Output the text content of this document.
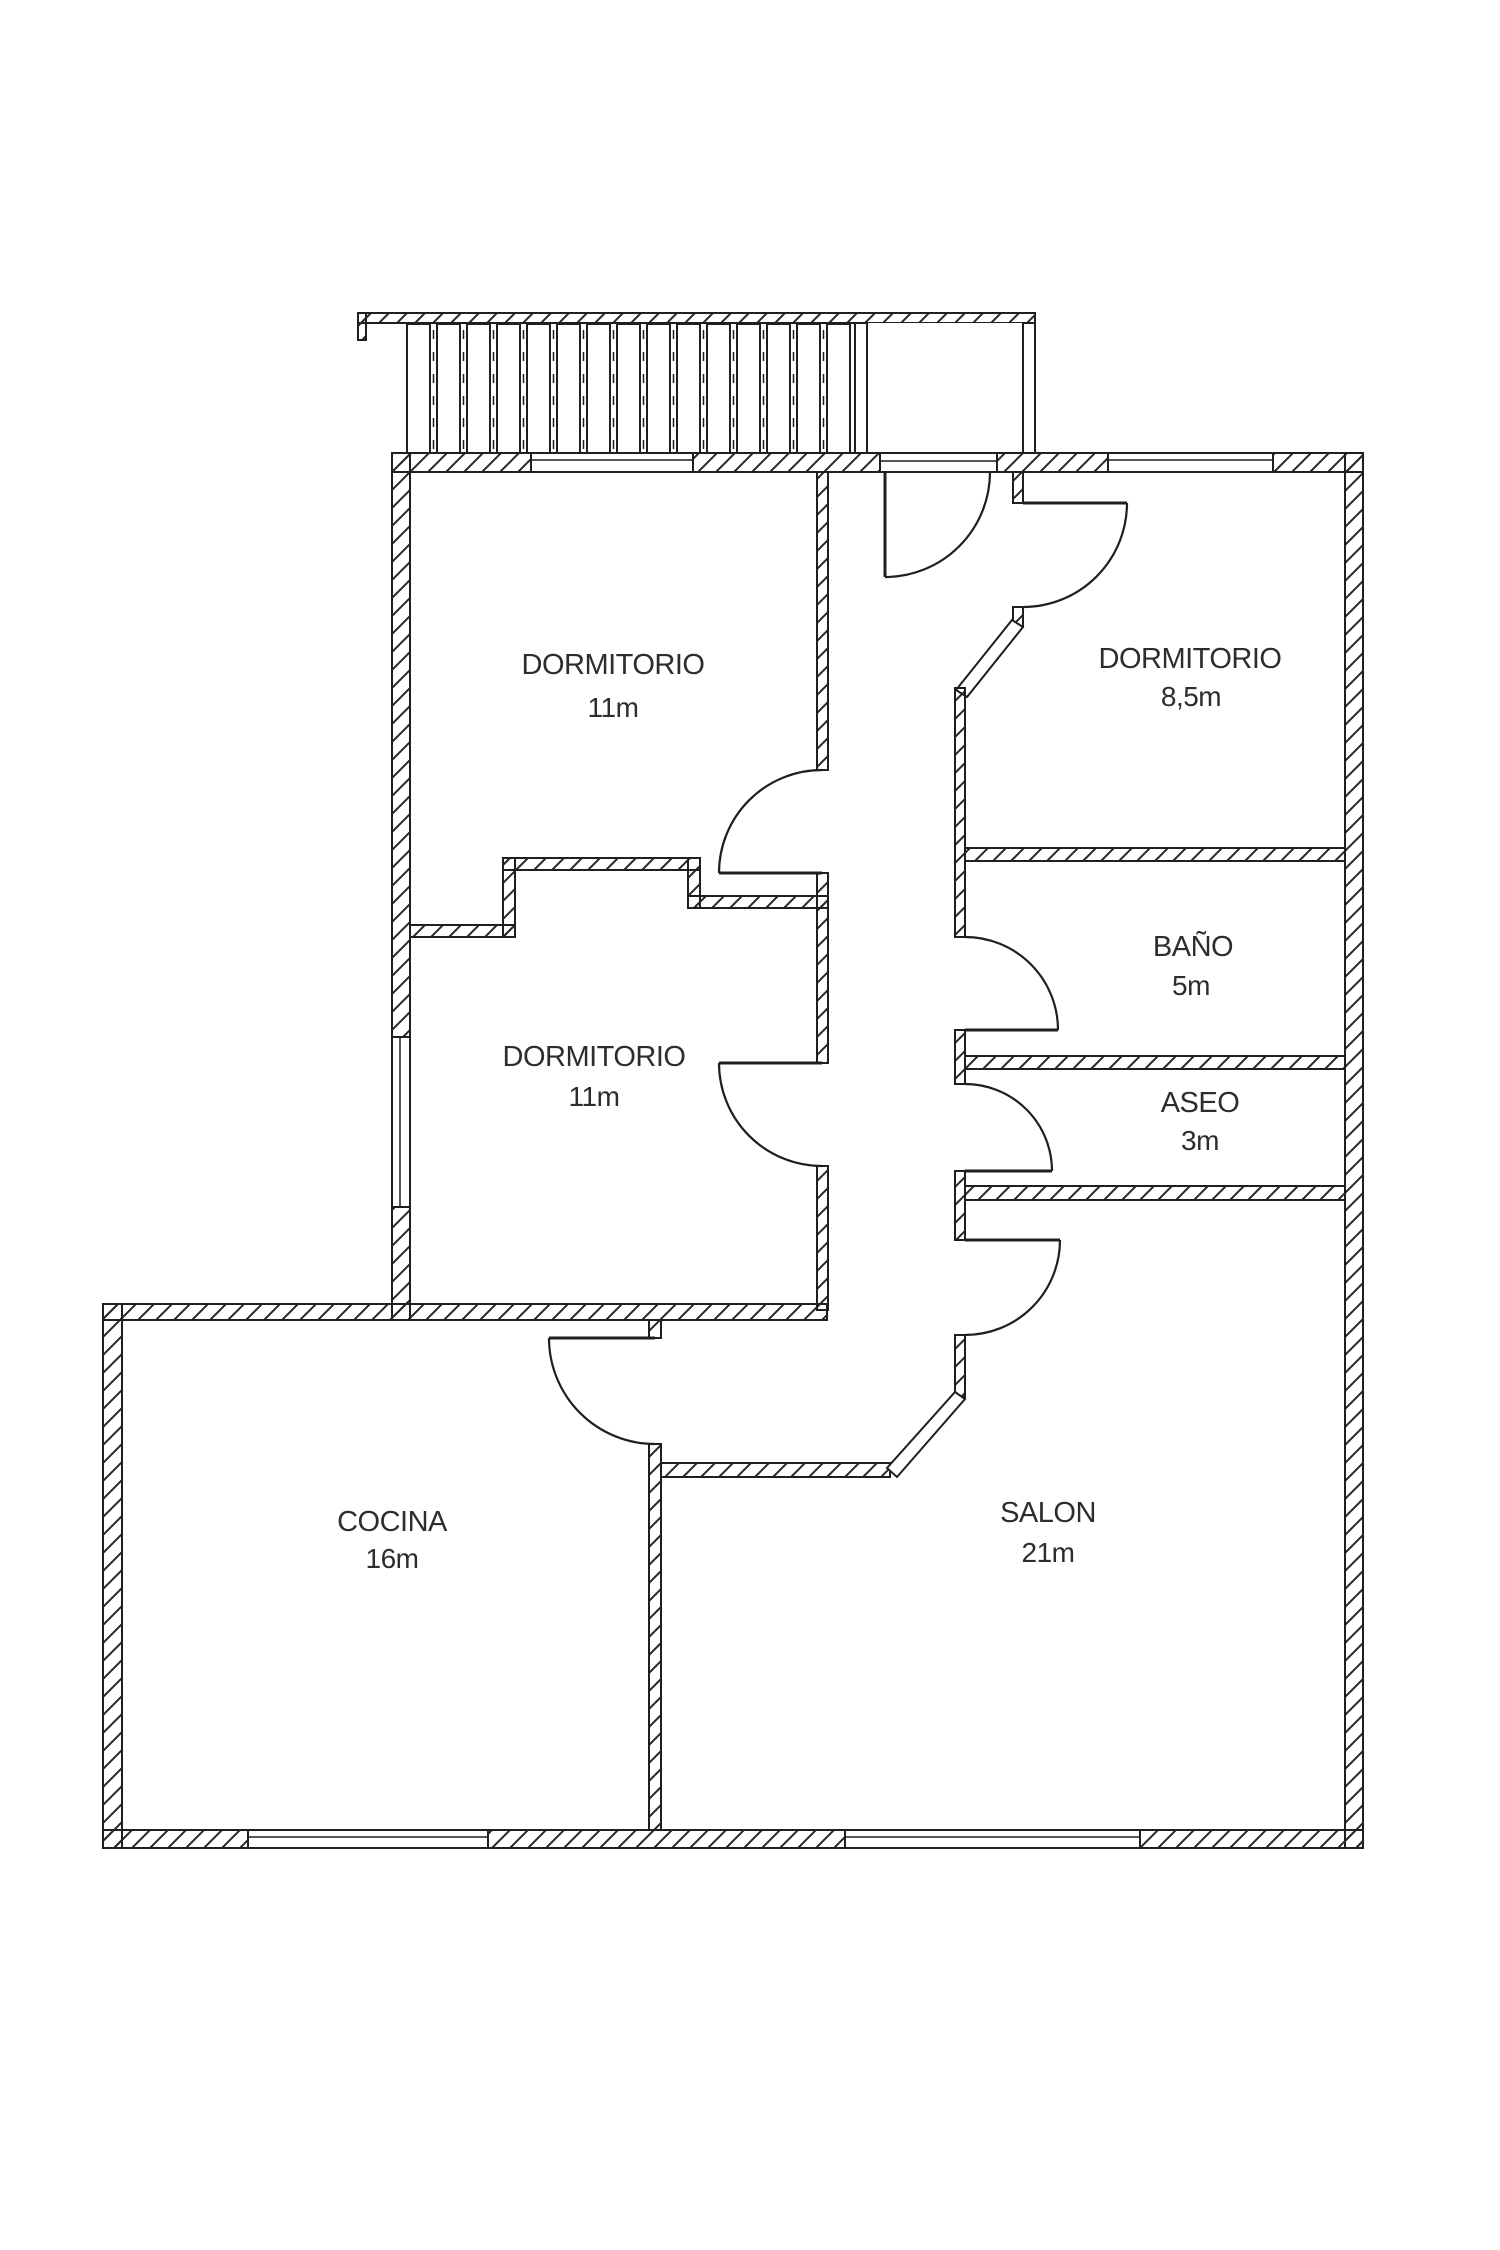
DORMITORIO
11m
DORMITORIO
8,5m
BAÑO
5m
ASEO
3m
DORMITORIO
11m
COCINA
16m
SALON
21m
